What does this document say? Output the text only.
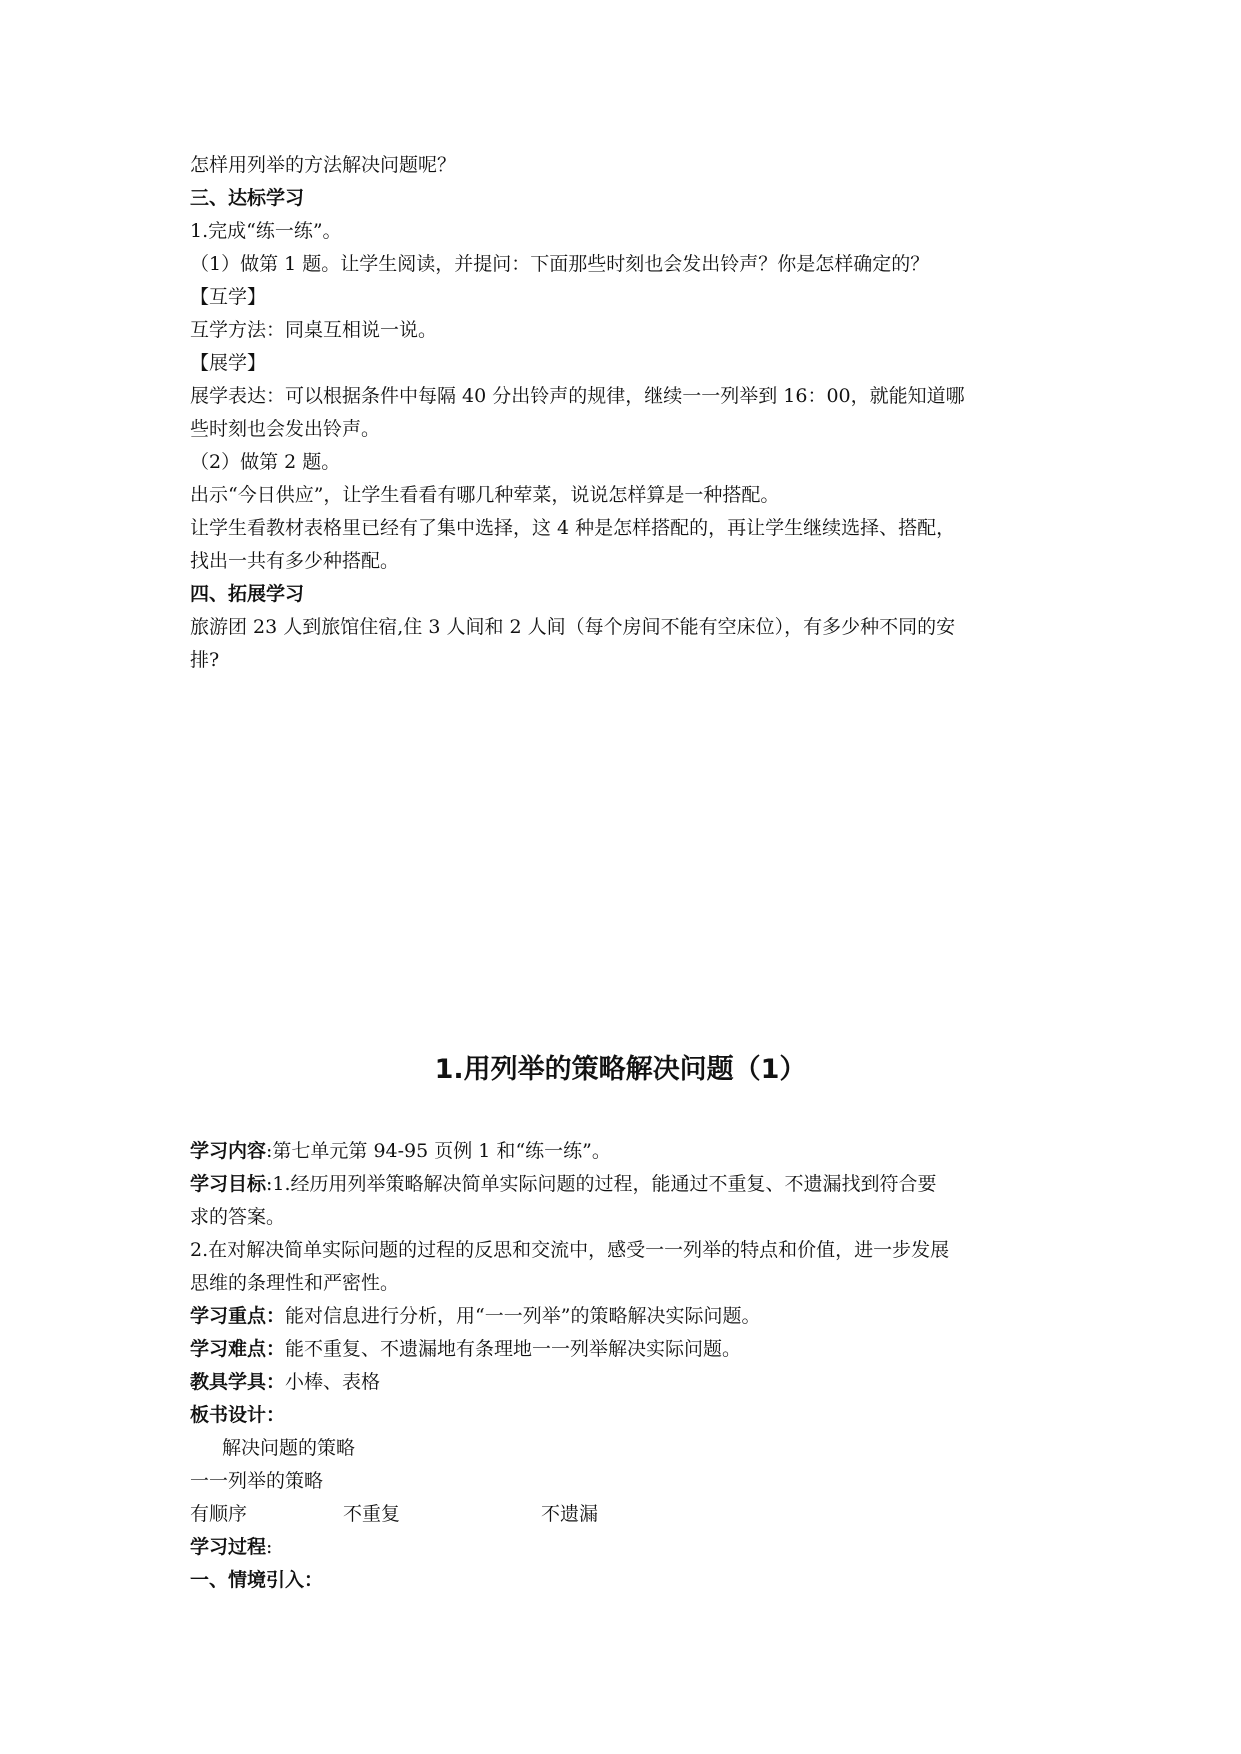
怎样用列举的方法解决问题呢？
三、达标学习
1.完成“练一练”。
（1）做第 1 题。让学生阅读，并提问：下面那些时刻也会发出铃声？你是怎样确定的？
【互学】
互学方法：同桌互相说一说。
【展学】
展学表达：可以根据条件中每隔 40 分出铃声的规律，继续一一列举到 16：00，就能知道哪
些时刻也会发出铃声。
（2）做第 2 题。
出示“今日供应”，让学生看看有哪几种荤菜，说说怎样算是一种搭配。
让学生看教材表格里已经有了集中选择，这 4 种是怎样搭配的，再让学生继续选择、搭配，
找出一共有多少种搭配。
四、拓展学习
旅游团 23 人到旅馆住宿,住 3 人间和 2 人间（每个房间不能有空床位），有多少种不同的安
排?
1.用列举的策略解决问题（1）
学习内容:第七单元第 94-95 页例 1 和“练一练”。
学习目标:1.经历用列举策略解决简单实际问题的过程，能通过不重复、不遗漏找到符合要
求的答案。
2.在对解决简单实际问题的过程的反思和交流中，感受一一列举的特点和价值，进一步发展
思维的条理性和严密性。
学习重点：能对信息进行分析，用“一一列举”的策略解决实际问题。
学习难点：能不重复、不遗漏地有条理地一一列举解决实际问题。
教具学具：小棒、表格
板书设计：
解决问题的策略
一一列举的策略
有顺序	不重复	不遗漏
学习过程:
一、情境引入：
